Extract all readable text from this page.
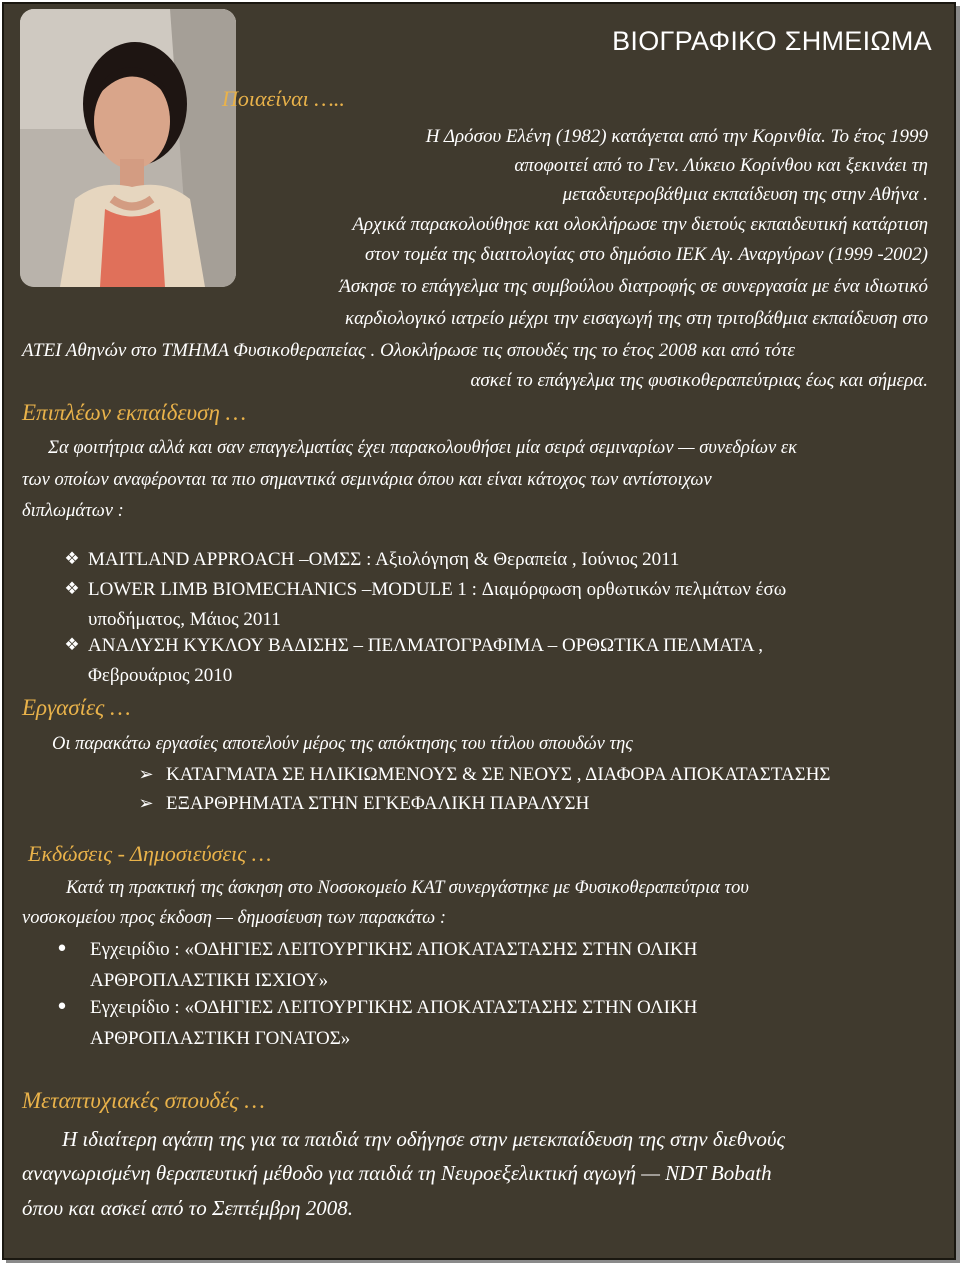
ΒΙΟΓΡΑΦΙΚΟ ΣΗΜΕΙΩΜΑ
Ποιαείναι …..
Η Δρόσου Ελένη (1982) κατάγεται από την Κορινθία. Το έτος 1999
αποφοιτεί από το Γεν. Λύκειο Κορίνθου και ξεκινάει τη
μεταδευτεροβάθμια εκπαίδευση της στην Αθήνα .
Αρχικά παρακολούθησε και ολοκλήρωσε την διετούς εκπαιδευτική κατάρτιση
στον τομέα της διαιτολογίας στο δημόσιο ΙΕΚ Αγ. Αναργύρων (1999 -2002)
Άσκησε το επάγγελμα της συμβούλου διατροφής σε συνεργασία με ένα ιδιωτικό
καρδιολογικό ιατρείο μέχρι την εισαγωγή της στη τριτοβάθμια εκπαίδευση στο
ΑΤΕΙ Αθηνών στο ΤΜΗΜΑ Φυσικοθεραπείας . Ολοκλήρωσε τις σπουδές της το έτος 2008 και από τότε
ασκεί το επάγγελμα της φυσικοθεραπεύτριας έως και σήμερα.
Επιπλέων εκπαίδευση …
Σα φοιτήτρια αλλά και σαν επαγγελματίας έχει παρακολουθήσει μία σειρά σεμιναρίων — συνεδρίων εκ
των οποίων αναφέρονται τα πιο σημαντικά σεμινάρια όπου και είναι κάτοχος των αντίστοιχων
διπλωμάτων :
❖ MAITLAND APPROACH –ΟΜΣΣ : Αξιολόγηση & Θεραπεία , Ιούνιος 2011
❖ LOWER LIMB BIOMECHANICS –MODULE 1 : Διαμόρφωση ορθωτικών πελμάτων έσω
υποδήματος, Μάιος 2011
❖ ΑΝΑΛΥΣΗ ΚΥΚΛΟΥ ΒΑΔΙΣΗΣ – ΠΕΛΜΑΤΟΓΡΑΦΙΜΑ – ΟΡΘΩΤΙΚΑ ΠΕΛΜΑΤΑ ,
Φεβρουάριος 2010
Εργασίες …
Οι παρακάτω εργασίες αποτελούν μέρος της απόκτησης του τίτλου σπουδών της
➢ ΚΑΤΑΓΜΑΤΑ ΣΕ ΗΛΙΚΙΩΜΕΝΟΥΣ & ΣΕ ΝΕΟΥΣ , ΔΙΑΦΟΡΑ ΑΠΟΚΑΤΑΣΤΑΣΗΣ
➢ ΕΞΑΡΘΡΗΜΑΤΑ ΣΤΗΝ ΕΓΚΕΦΑΛΙΚΗ ΠΑΡΑΛΥΣΗ
Εκδώσεις - Δημοσιεύσεις …
Κατά τη πρακτική της άσκηση στο Νοσοκομείο ΚΑΤ συνεργάστηκε με Φυσικοθεραπεύτρια του
νοσοκομείου προς έκδοση — δημοσίευση των παρακάτω :
• Εγχειρίδιο : «ΟΔΗΓΙΕΣ ΛΕΙΤΟΥΡΓΙΚΗΣ ΑΠΟΚΑΤΑΣΤΑΣΗΣ ΣΤΗΝ ΟΛΙΚΗ
ΑΡΘΡΟΠΛΑΣΤΙΚΗ ΙΣΧΙΟΥ»
• Εγχειρίδιο : «ΟΔΗΓΙΕΣ ΛΕΙΤΟΥΡΓΙΚΗΣ ΑΠΟΚΑΤΑΣΤΑΣΗΣ ΣΤΗΝ ΟΛΙΚΗ
ΑΡΘΡΟΠΛΑΣΤΙΚΗ ΓΟΝΑΤΟΣ»
Μεταπτυχιακές σπουδές …
Η ιδιαίτερη αγάπη της για τα παιδιά την οδήγησε στην μετεκπαίδευση της στην διεθνούς
αναγνωρισμένη θεραπευτική μέθοδο για παιδιά τη Νευροεξελικτική αγωγή — NDT Bobath
όπου και ασκεί από το Σεπτέμβρη 2008.
